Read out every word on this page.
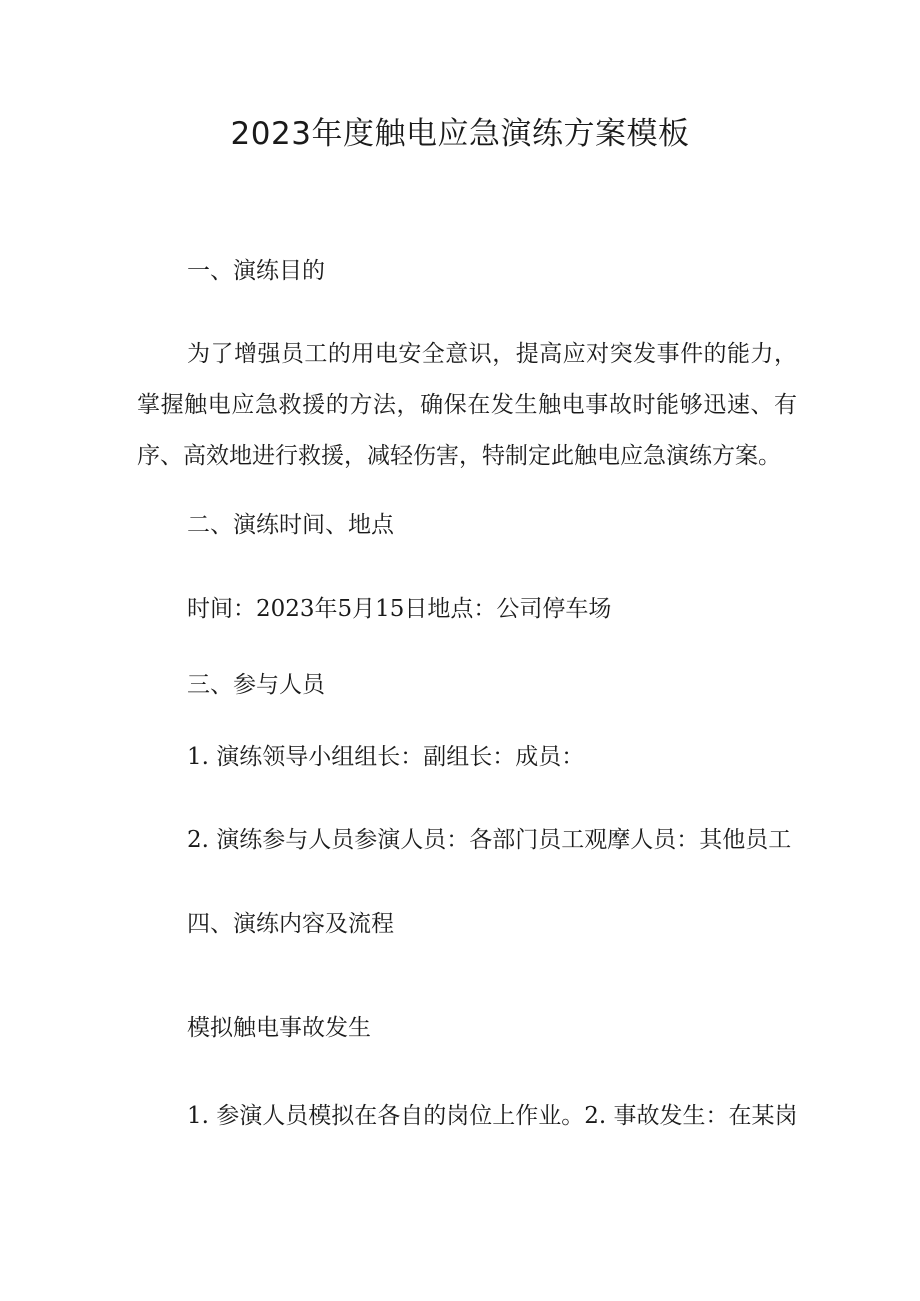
2023年度触电应急演练方案模板

一、演练目的

为了增强员工的用电安全意识，提高应对突发事件的能力，掌握触电应急救援的方法，确保在发生触电事故时能够迅速、有序、高效地进行救援，减轻伤害，特制定此触电应急演练方案。

二、演练时间、地点

时间：2023年5月15日地点：公司停车场

三、参与人员

1. 演练领导小组组长：副组长：成员：

2. 演练参与人员参演人员：各部门员工观摩人员：其他员工

四、演练内容及流程

模拟触电事故发生

1. 参演人员模拟在各自的岗位上作业。2. 事故发生：在某岗
